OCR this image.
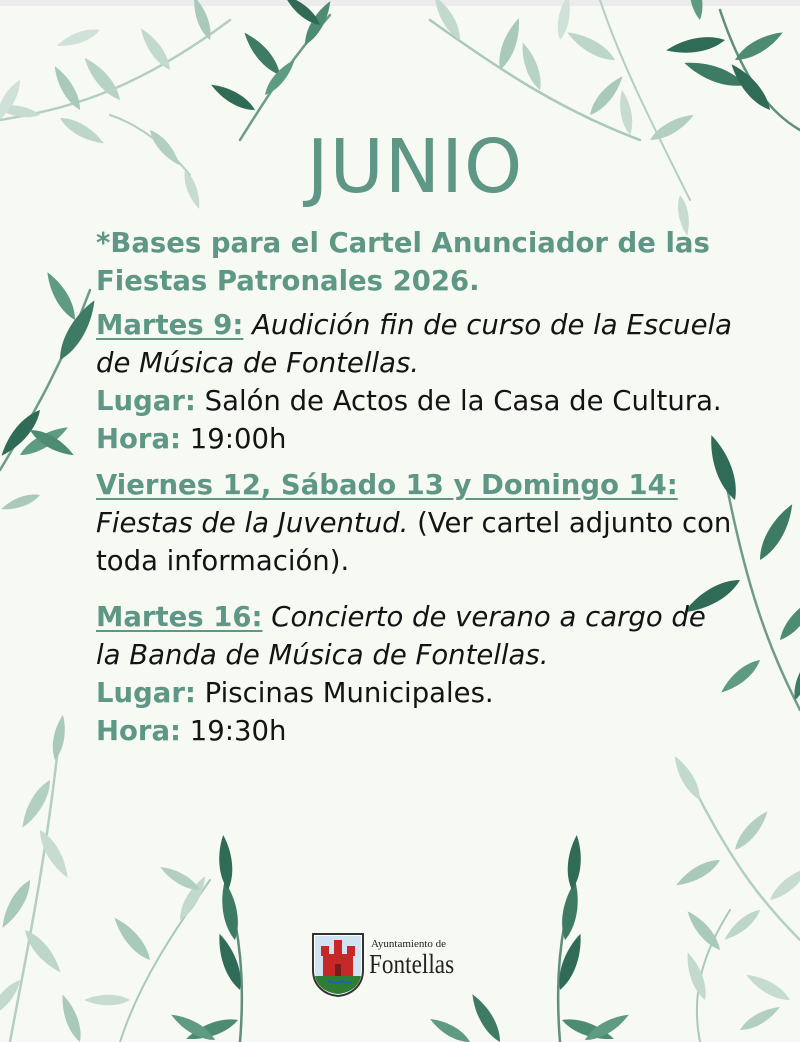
JUNIO

*Bases para el Cartel Anunciador de las Fiestas Patronales 2026.

Martes 9: Audición fin de curso de la Escuela de Música de Fontellas.
Lugar: Salón de Actos de la Casa de Cultura.
Hora: 19:00h
Viernes 12, Sábado 13 y Domingo 14: Fiestas de la Juventud. (Ver cartel adjunto con toda información).
Martes 16: Concierto de verano a cargo de la Banda de Música de Fontellas.
Lugar: Piscinas Municipales.
Hora: 19:30h
Ayuntamiento de
Fontellas
